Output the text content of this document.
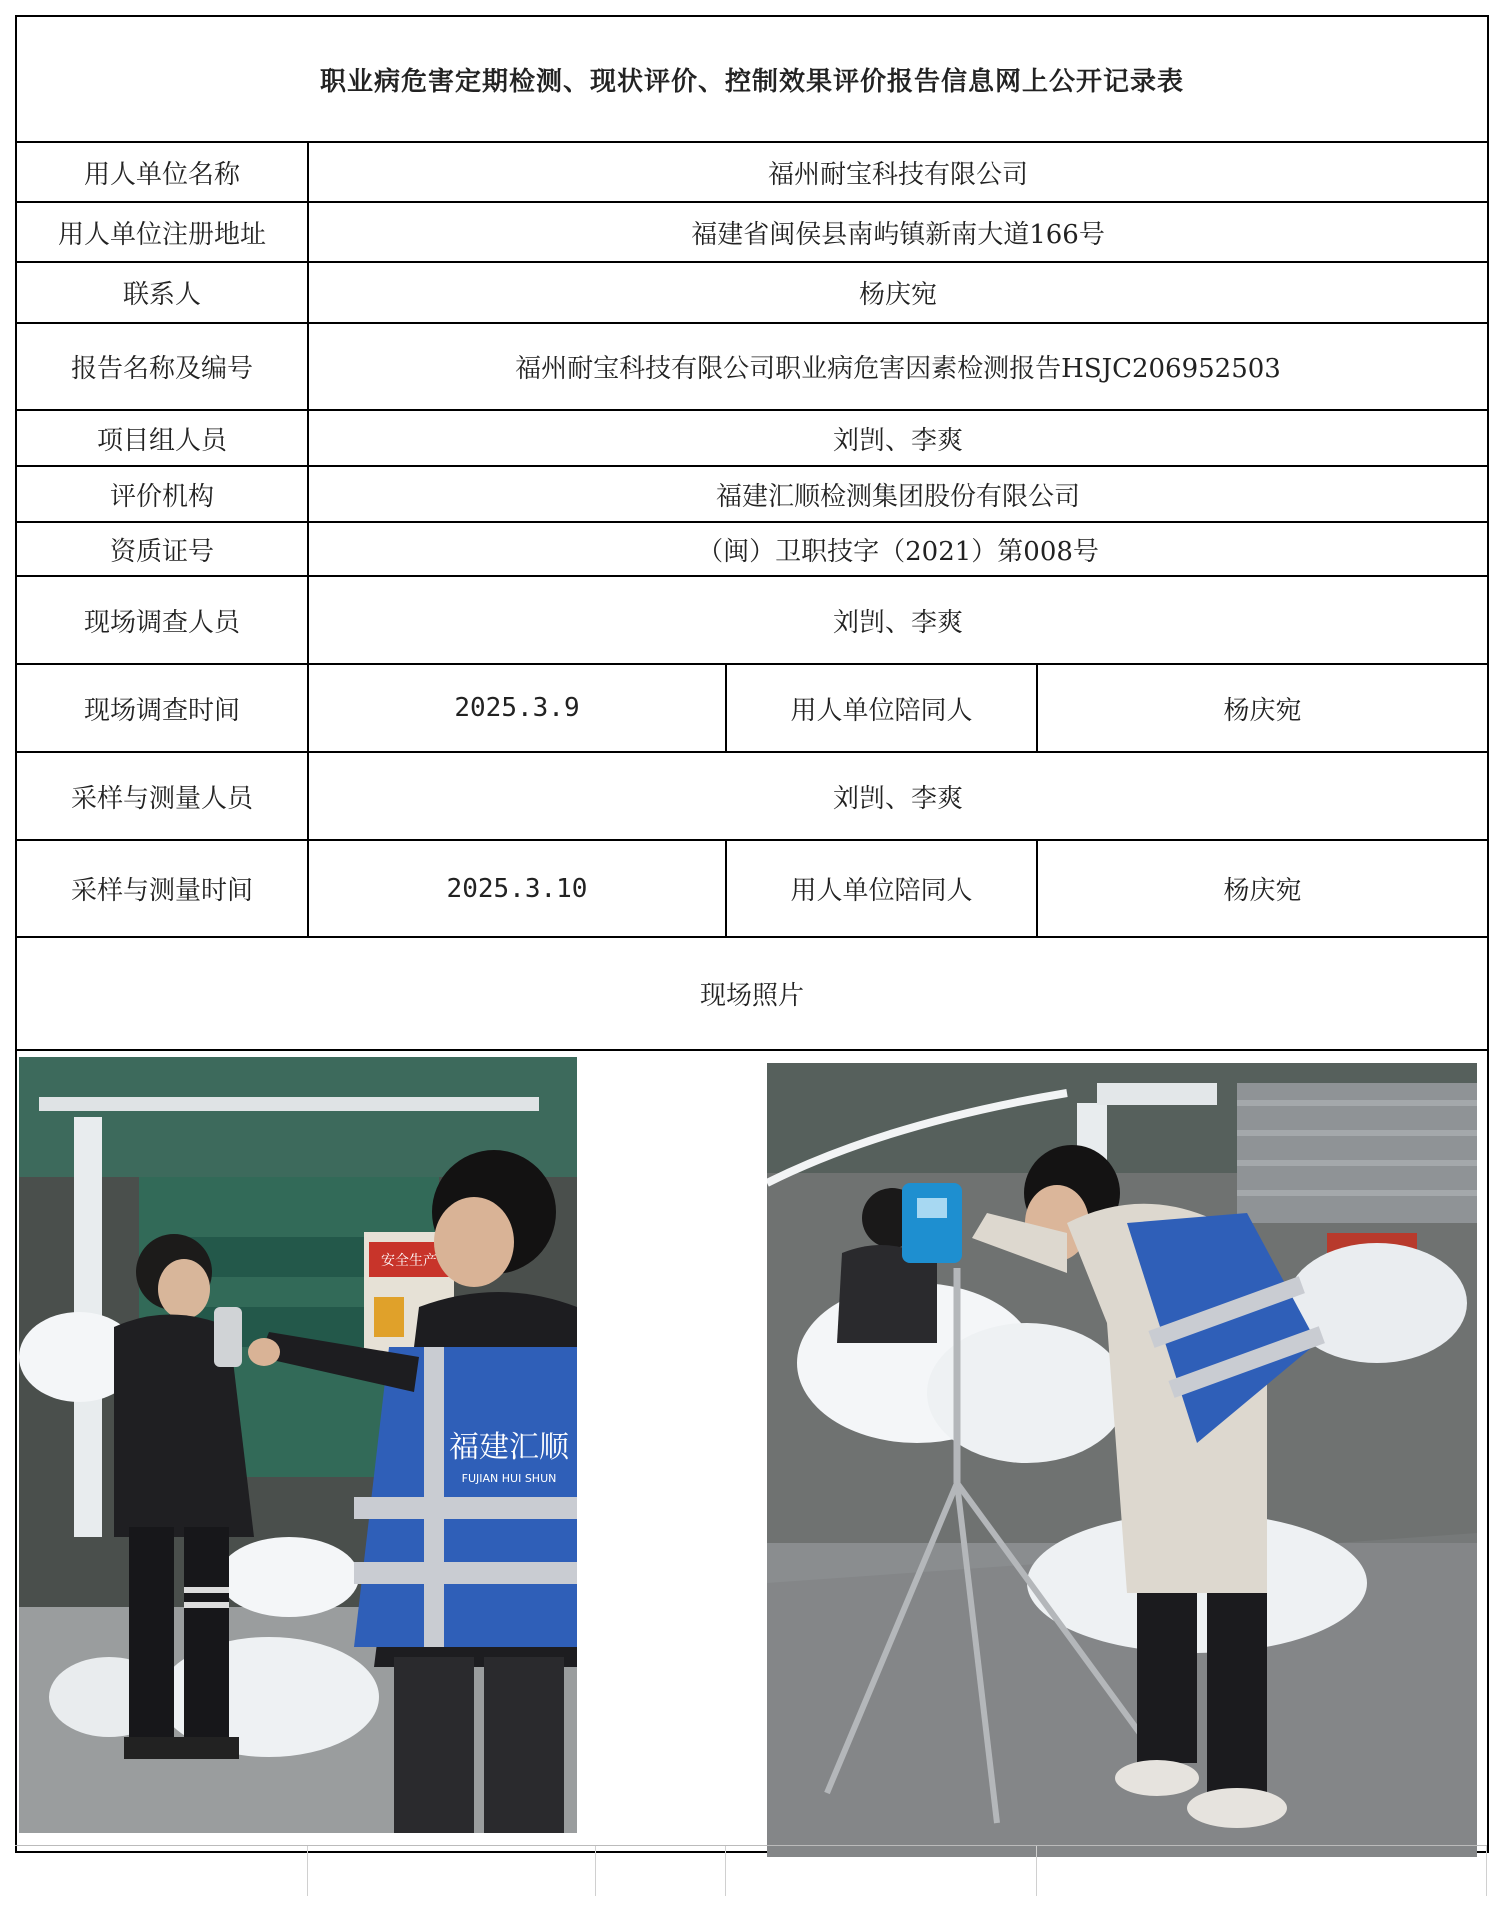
职业病危害定期检测、现状评价、控制效果评价报告信息网上公开记录表			
用人单位名称	福州耐宝科技有限公司		
用人单位注册地址	福建省闽侯县南屿镇新南大道166号		
联系人	杨庆宛		
报告名称及编号	福州耐宝科技有限公司职业病危害因素检测报告HSJC206952503		
项目组人员	刘剀、李爽		
评价机构	福建汇顺检测集团股份有限公司		
资质证号	（闽）卫职技字（2021）第008号		
现场调查人员	刘剀、李爽		
现场调查时间	2025.3.9	用人单位陪同人	杨庆宛
采样与测量人员	刘剀、李爽		
采样与测量时间	2025.3.10	用人单位陪同人	杨庆宛
现场照片			

安全生产
福建汇顺
FUJIAN HUI SHUN			
